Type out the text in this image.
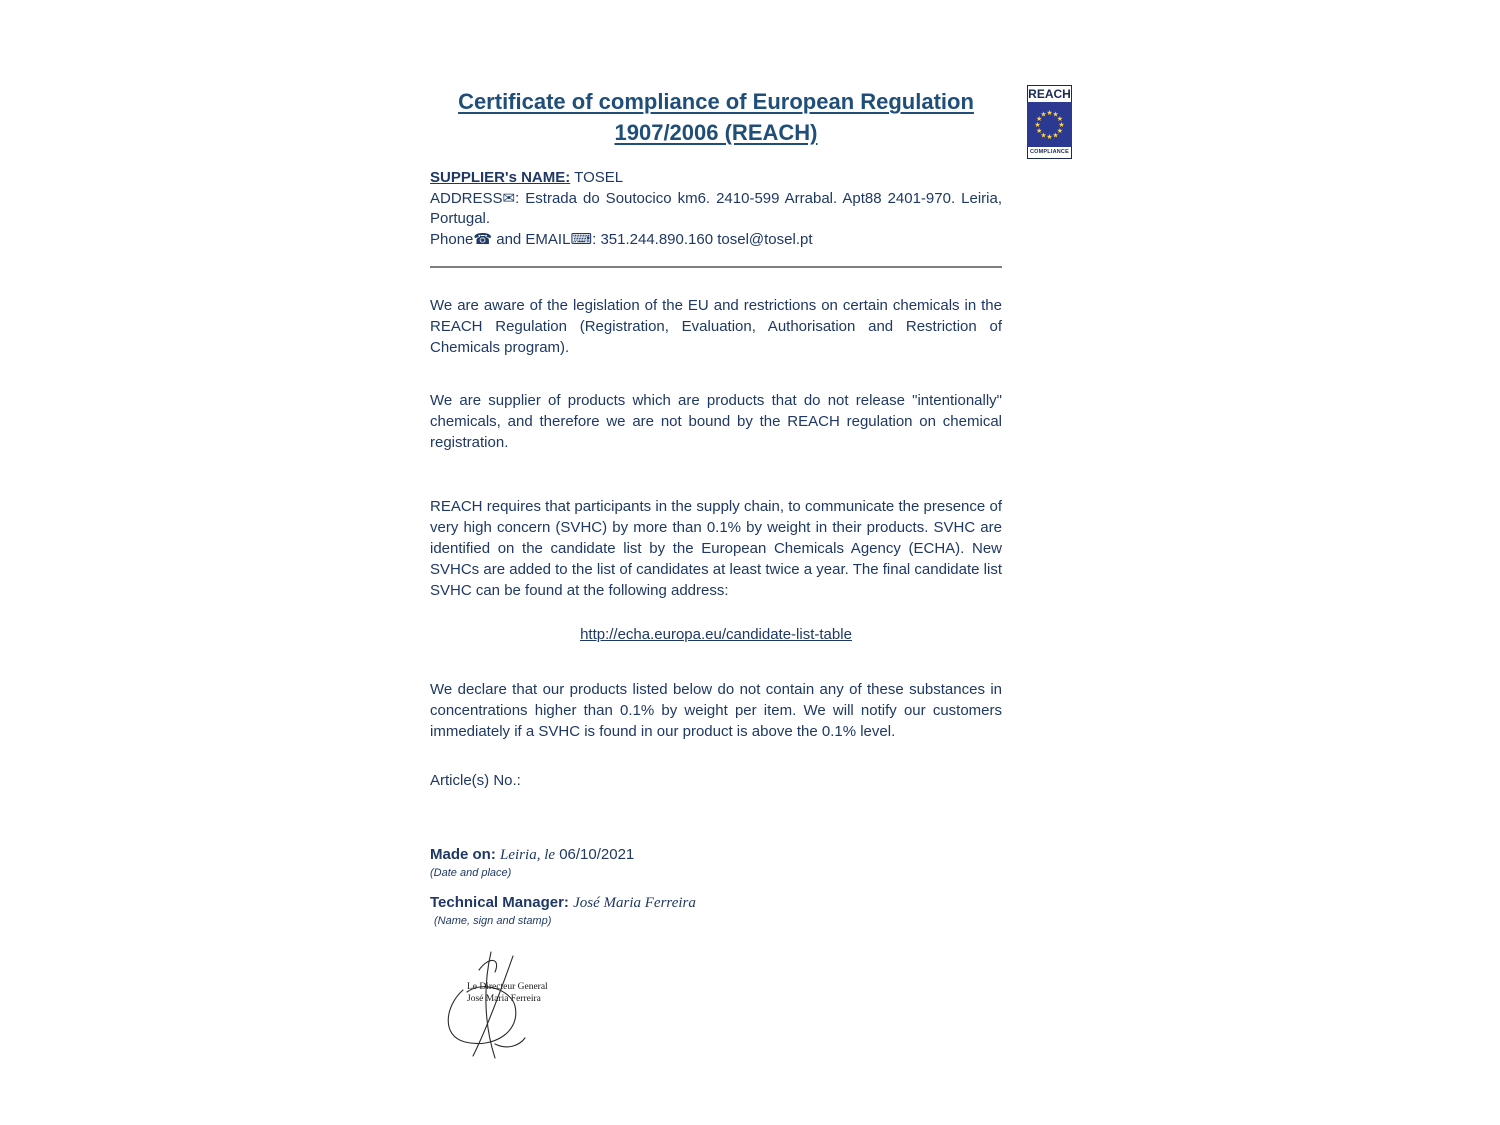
REACH
★ ★
★
★
★
★
★
★
★
★
★
★
COMPLIANCE
Certificate of compliance of European Regulation
1907/2006 (REACH)
SUPPLIER's NAME: TOSEL
ADDRESS✉: Estrada do Soutocico km6. 2410-599 Arrabal. Apt88 2401-970. Leiria, Portugal.
Phone☎ and EMAIL⌨: 351.244.890.160 tosel@tosel.pt

We are aware of the legislation of the EU and restrictions on certain chemicals in the REACH Regulation (Registration, Evaluation, Authorisation and Restriction of Chemicals program).

We are supplier of products which are products that do not release "intentionally" chemicals, and therefore we are not bound by the REACH regulation on chemical registration.

REACH requires that participants in the supply chain, to communicate the presence of very high concern (SVHC) by more than 0.1% by weight in their products. SVHC are identified on the candidate list by the European Chemicals Agency (ECHA). New SVHCs are added to the list of candidates at least twice a year. The final candidate list SVHC can be found at the following address:

http://echa.europa.eu/candidate-list-table

We declare that our products listed below do not contain any of these substances in concentrations higher than 0.1% by weight per item. We will notify our customers immediately if a SVHC is found in our product is above the 0.1% level.

Article(s) No.:
Made on: Leiria, le 06/10/2021
(Date and place)
Technical Manager: José Maria Ferreira
(Name, sign and stamp)
Le Directeur General
José Maria Ferreira
